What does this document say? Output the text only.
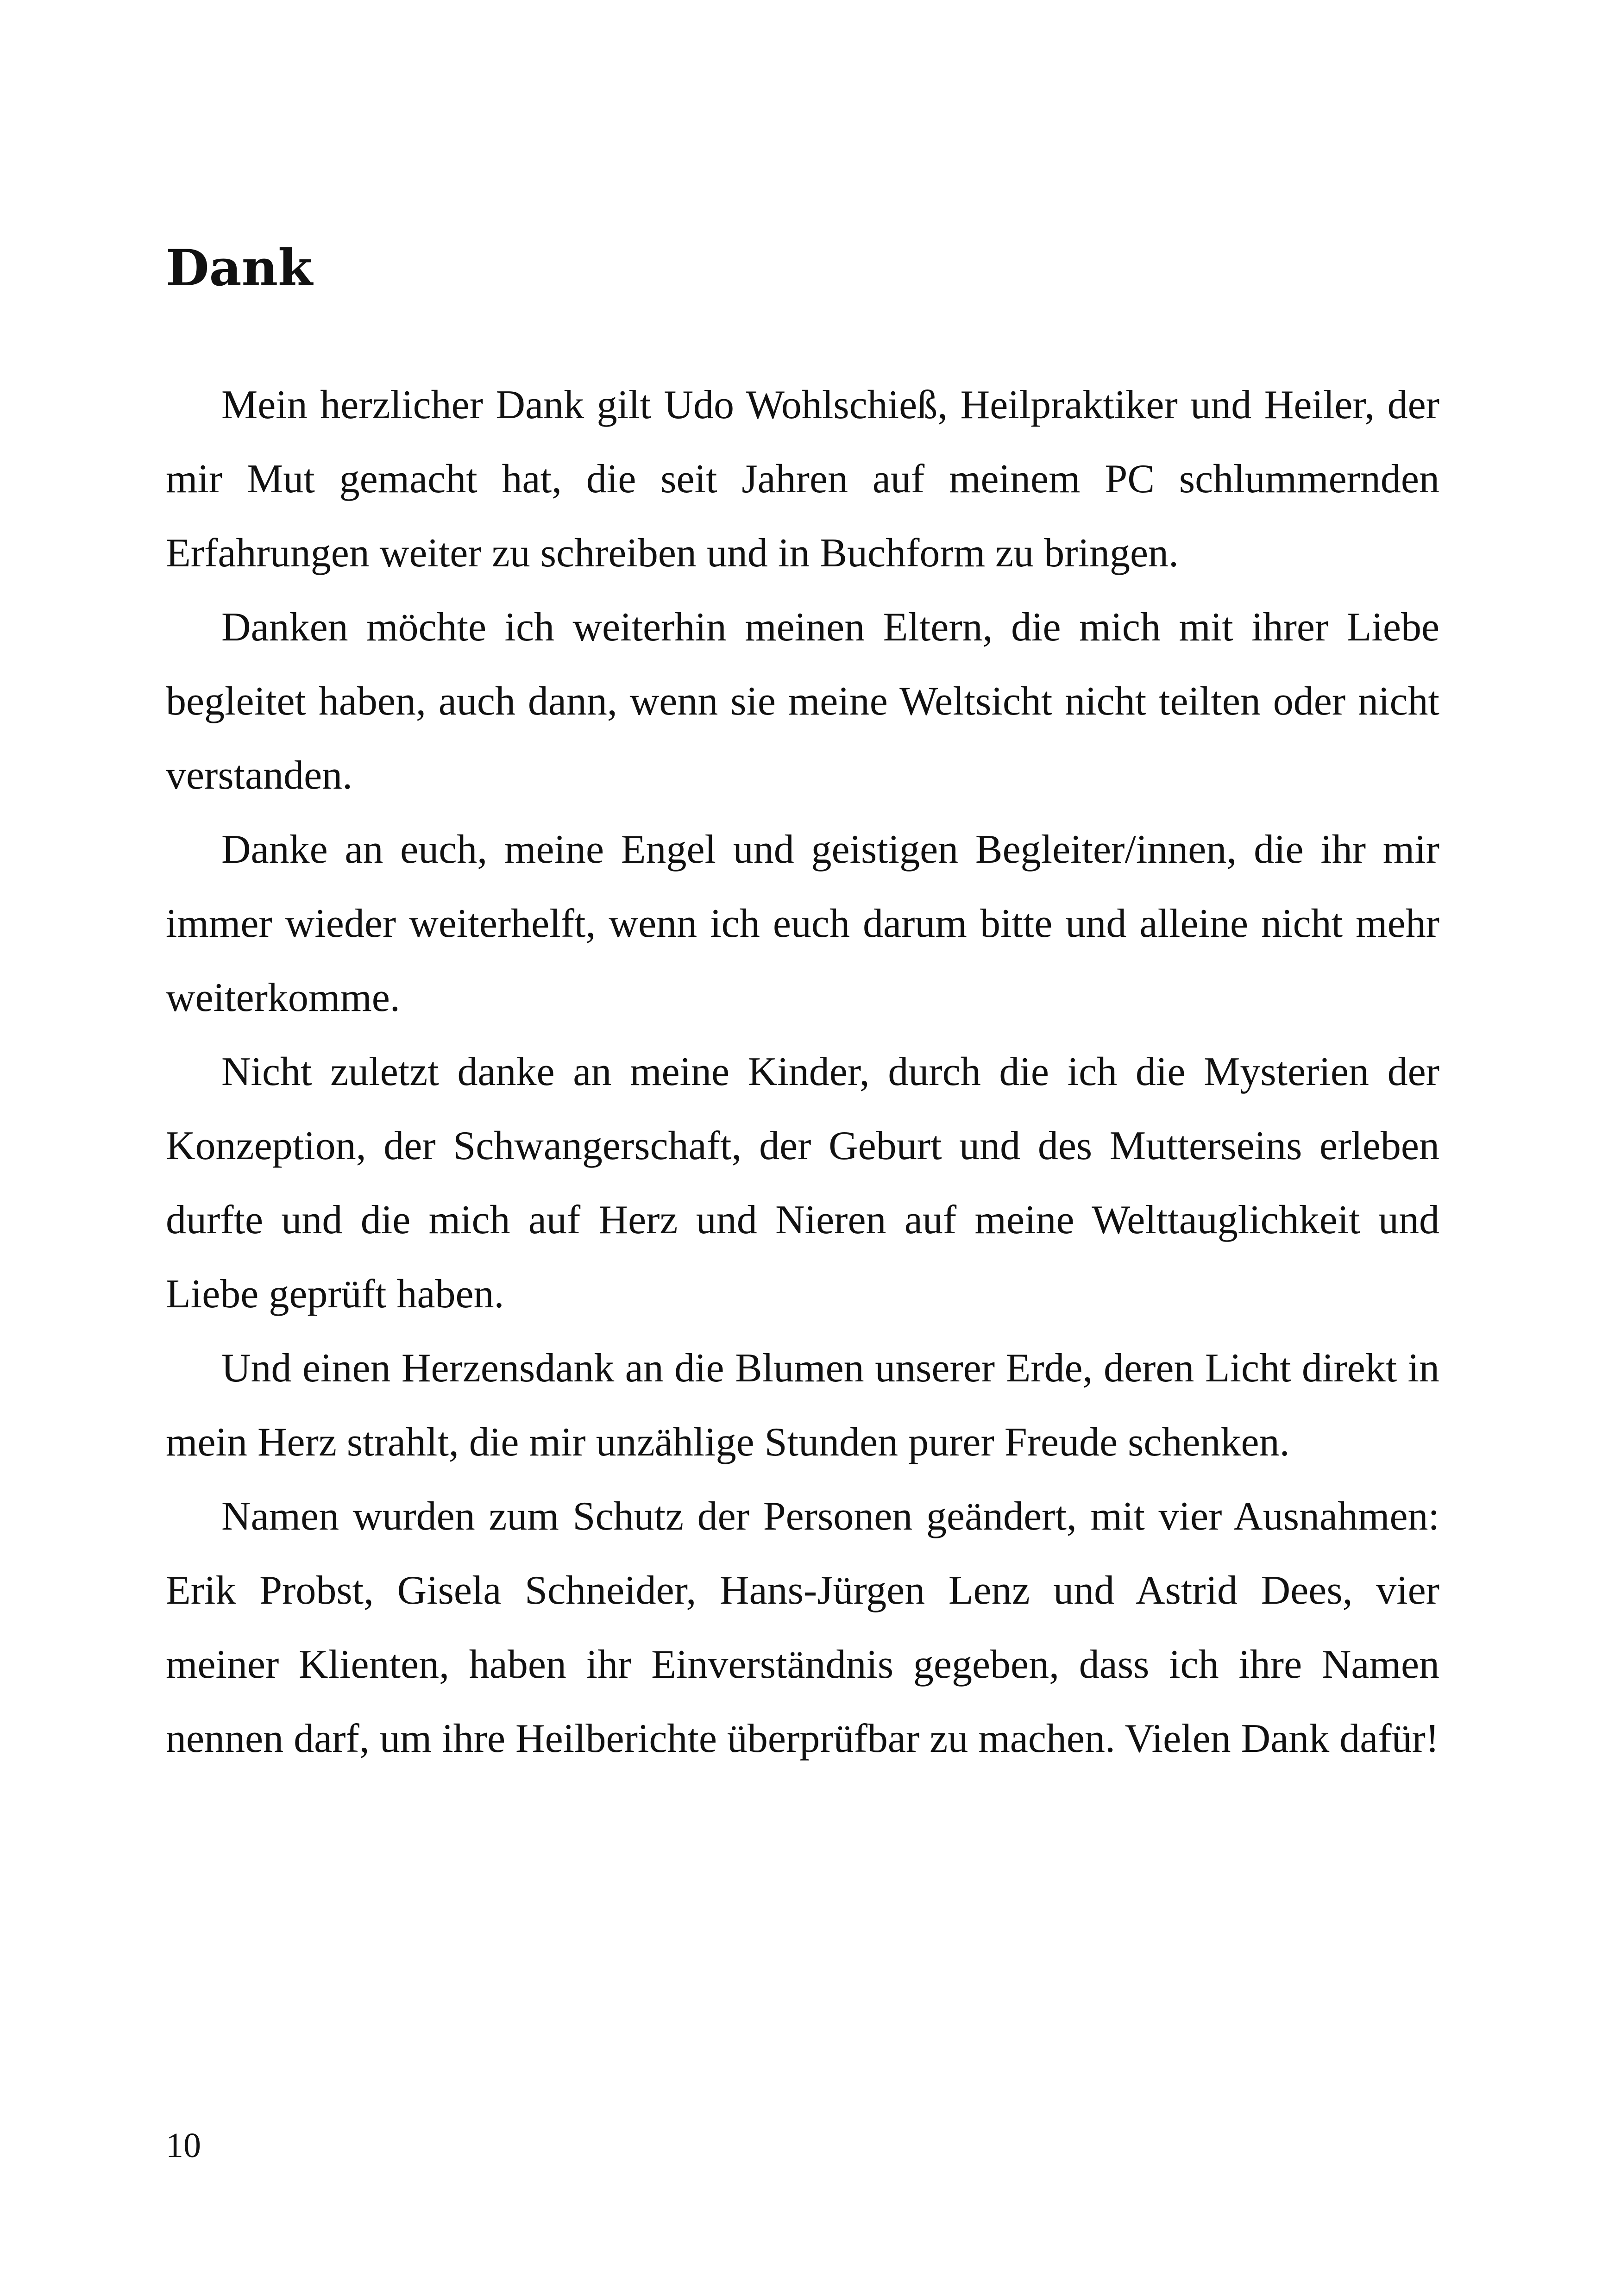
Dank

Mein herzlicher Dank gilt Udo Wohlschieß, Heilpraktiker und Heiler, der mir Mut gemacht hat, die seit Jahren auf meinem PC schlummernden Erfahrungen weiter zu schreiben und in Buchform zu bringen.

Danken möchte ich weiterhin meinen Eltern, die mich mit ihrer Liebe begleitet haben, auch dann, wenn sie meine Weltsicht nicht teilten oder nicht verstanden.

Danke an euch, meine Engel und geistigen Begleiter/innen, die ihr mir immer wieder weiterhelft, wenn ich euch darum bitte und alleine nicht mehr weiterkomme.

Nicht zuletzt danke an meine Kinder, durch die ich die Mysterien der Konzeption, der Schwangerschaft, der Geburt und des Mutterseins erleben durfte und die mich auf Herz und Nieren auf meine Welttauglichkeit und Liebe geprüft haben.

Und einen Herzensdank an die Blumen unserer Erde, deren Licht direkt in mein Herz strahlt, die mir unzählige Stunden purer Freude schenken.

Namen wurden zum Schutz der Personen geändert, mit vier Ausnahmen: Erik Probst, Gisela Schneider, Hans-Jürgen Lenz und Astrid Dees, vier meiner Klienten, haben ihr Einverständnis gegeben, dass ich ihre Namen nennen darf, um ihre Heilberichte überprüfbar zu machen. Vielen Dank dafür!

10
